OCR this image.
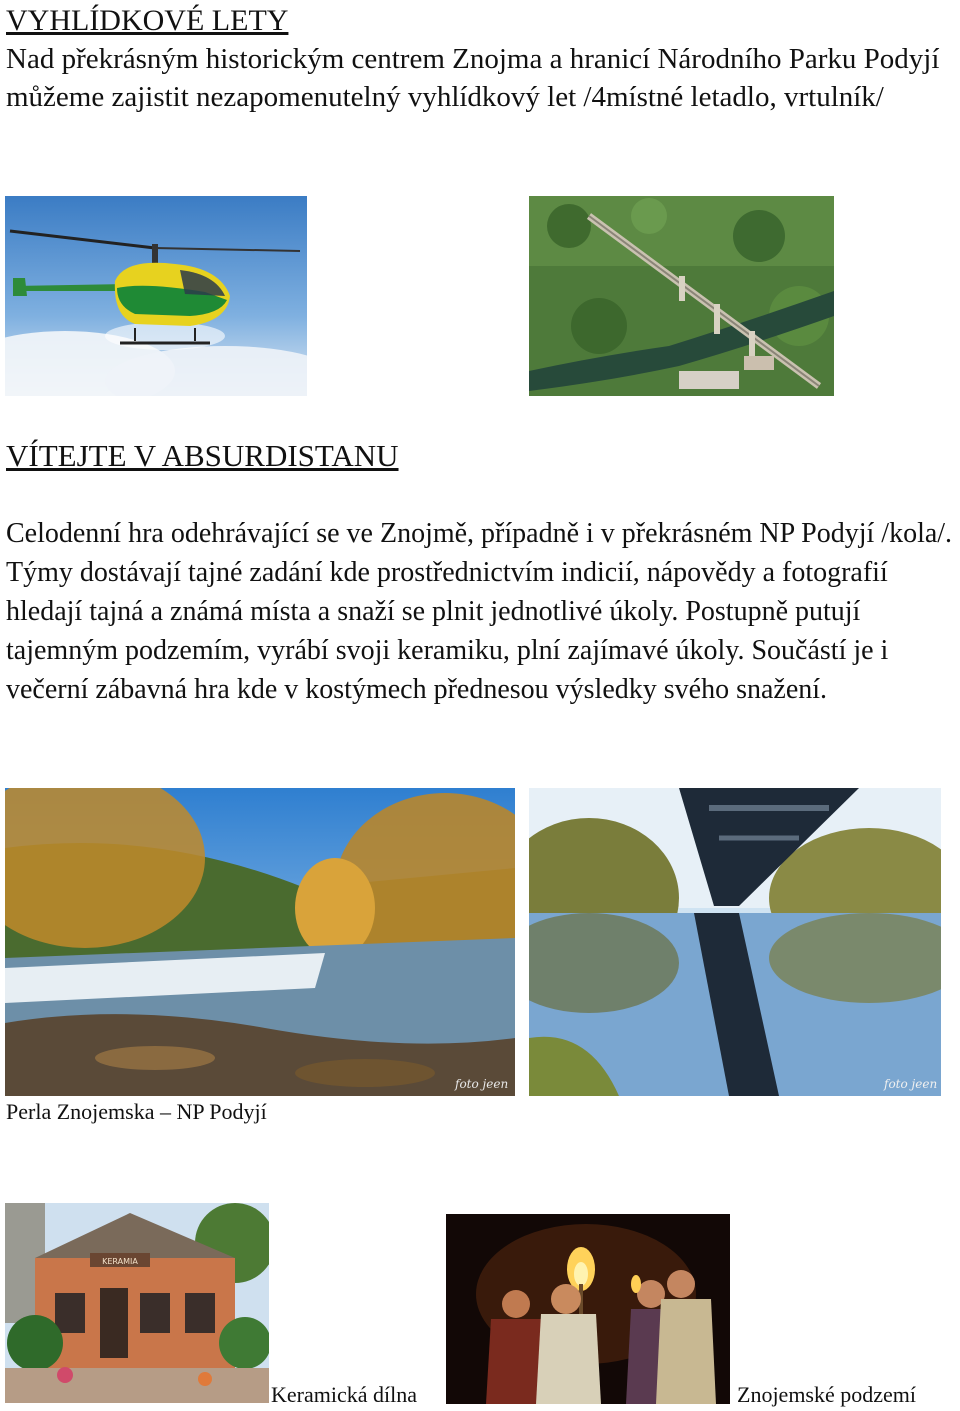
VYHLÍDKOVÉ LETY

Nad překrásným historickým centrem Znojma a hranicí Národního Parku Podyjí můžeme zajistit nezapomenutelný vyhlídkový let /4místné letadlo, vrtulník/

VÍTEJTE V ABSURDISTANU

Celodenní hra odehrávající se ve Znojmě, případně i v překrásném NP Podyjí /kola/. Týmy dostávají tajné zadání kde prostřednictvím indicií, nápovědy a fotografií hledají tajná a známá místa a snaží se plnit jednotlivé úkoly. Postupně putují tajemným podzemím, vyrábí svoji keramiku, plní zajímavé úkoly. Součástí je i večerní zábavná hra kde v kostýmech přednesou výsledky svého snažení.

foto jeen	foto jeen
Perla Znojemska – NP Podyjí
KERAMIA
Keramická dílna	Znojemské podzemí
